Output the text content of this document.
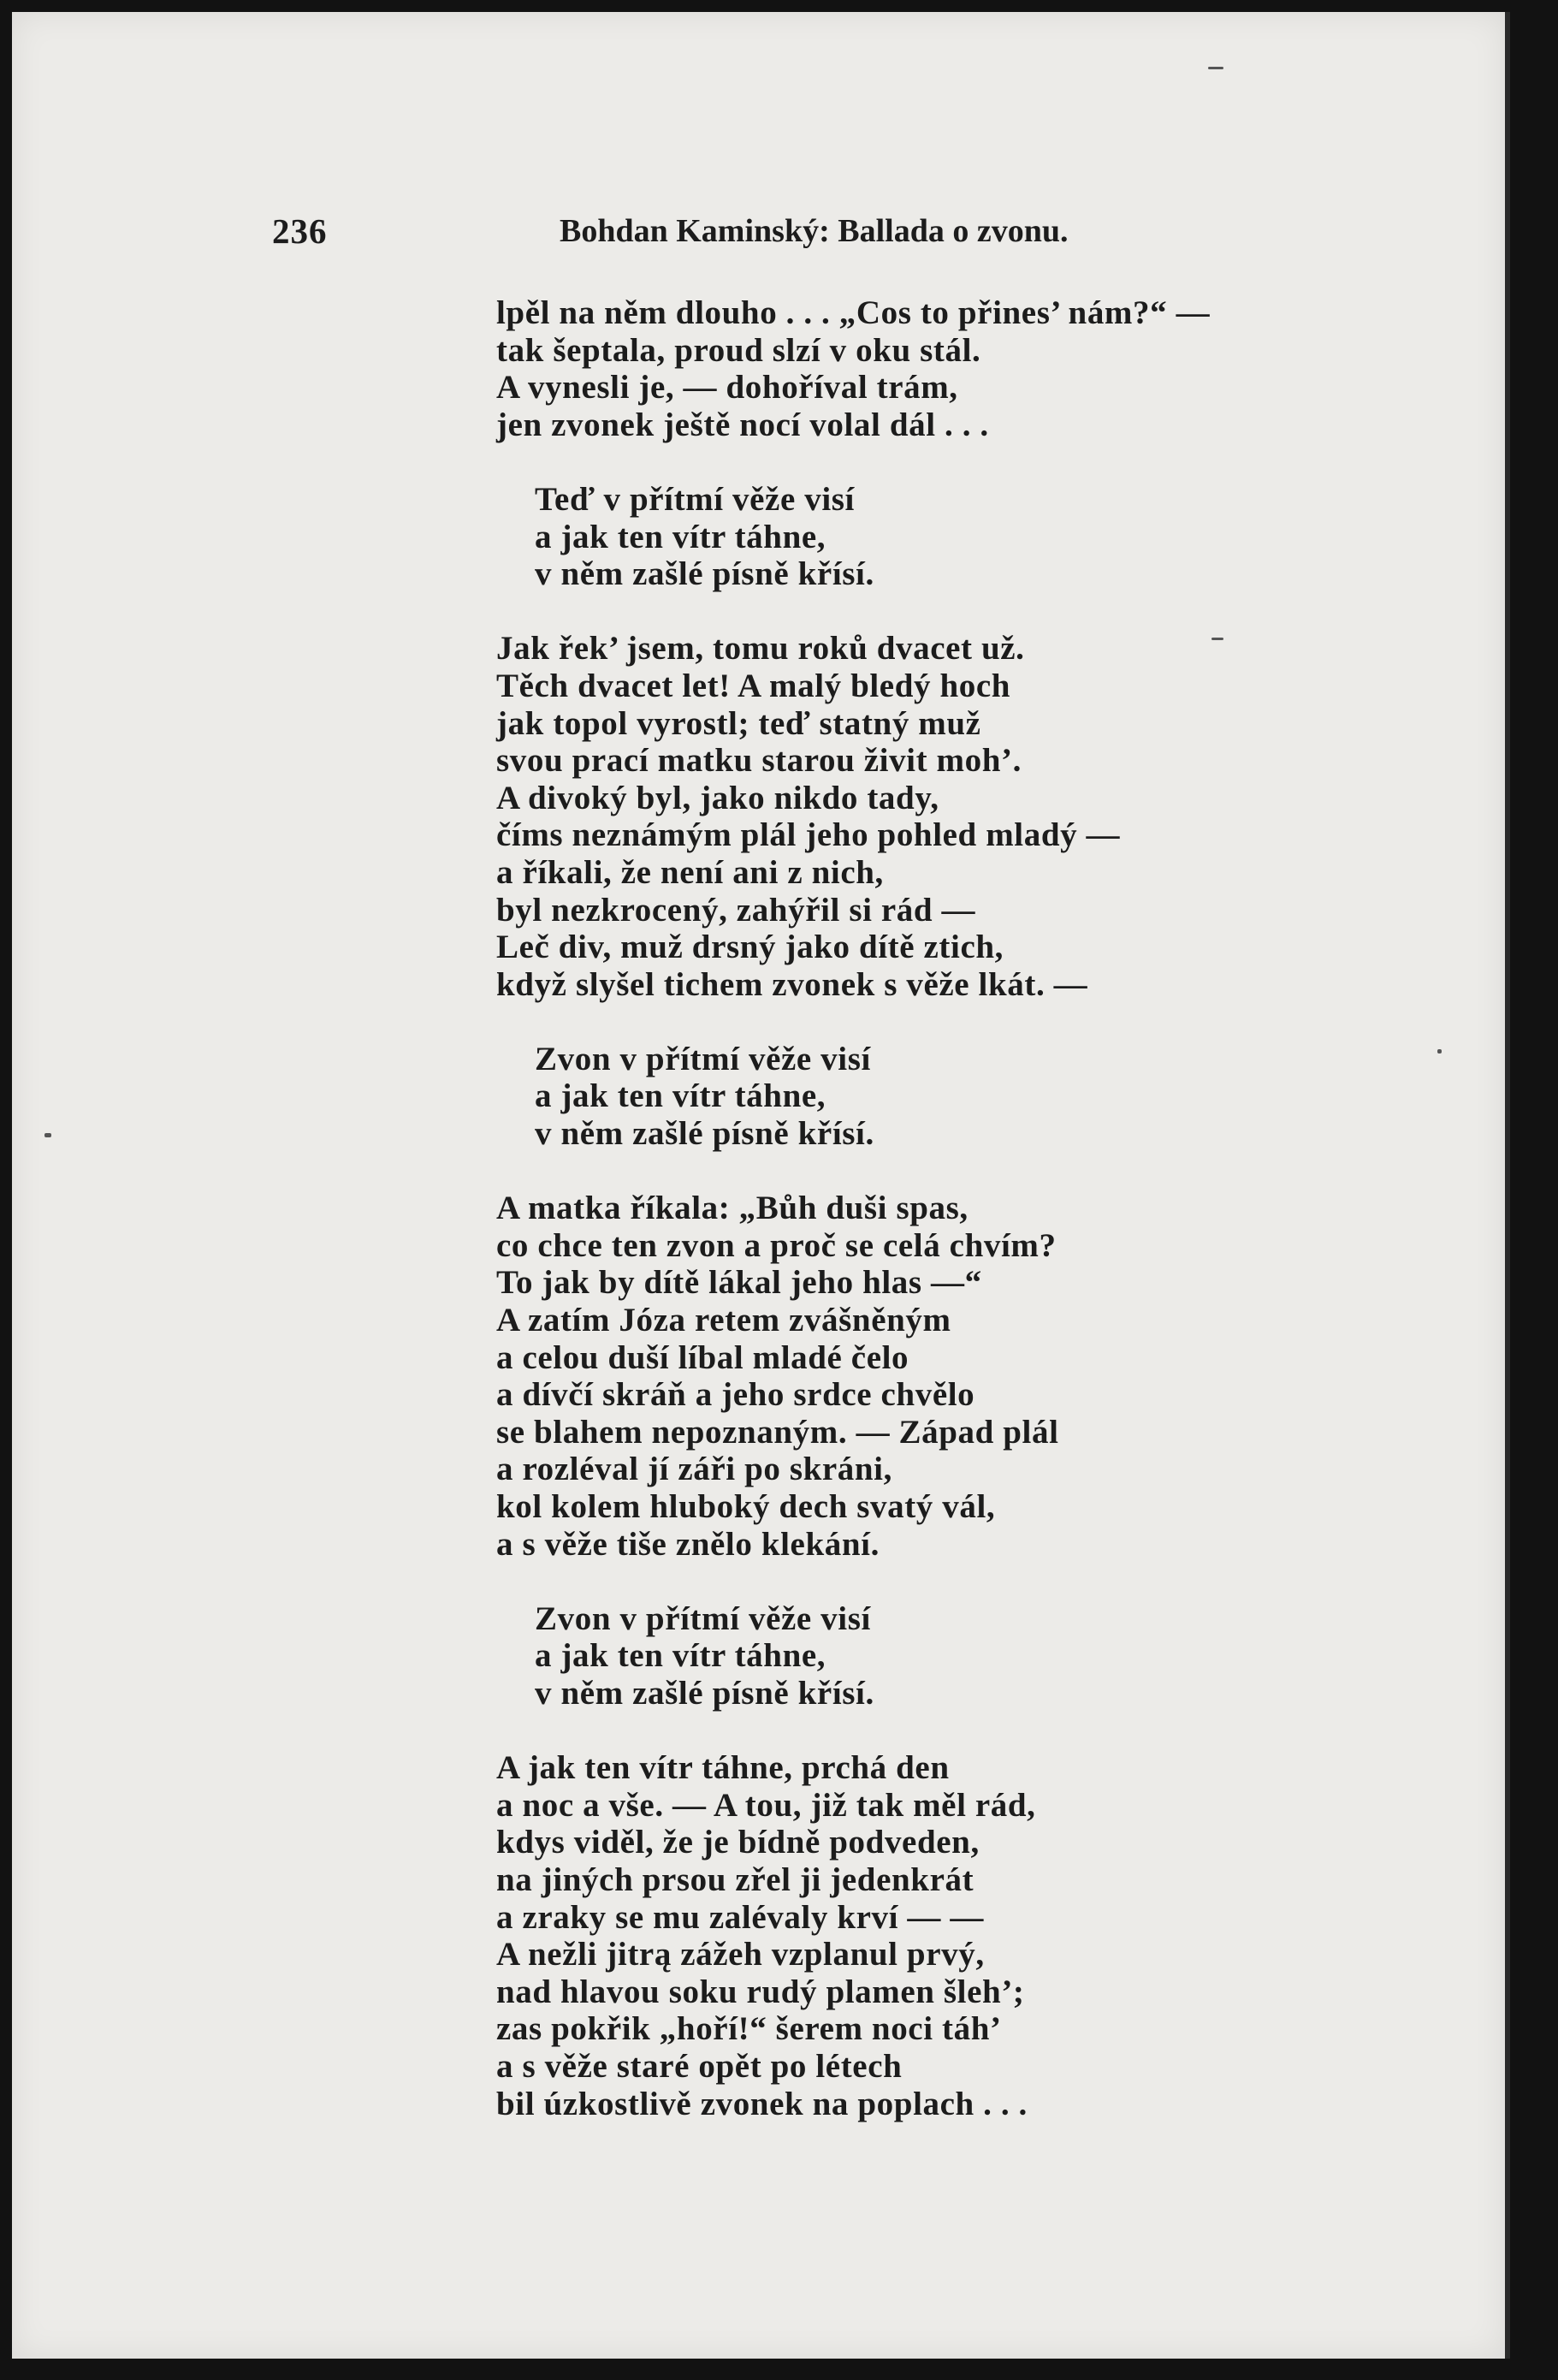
236	Bohdan Kaminský: Ballada o zvonu.
lpěl na něm dlouho . . . „Cos to přines’ nám?“ —
tak šeptala, proud slzí v oku stál.
A vynesli je, — dohoříval trám,
jen zvonek ještě nocí volal dál . . .
Teď v přítmí věže visí
a jak ten vítr táhne,
v něm zašlé písně křísí.
Jak řek’ jsem, tomu roků dvacet už.
Těch dvacet let! A malý bledý hoch
jak topol vyrostl; teď statný muž
svou prací matku starou živit moh’.
A divoký byl, jako nikdo tady,
číms neznámým plál jeho pohled mladý —
a říkali, že není ani z nich,
byl nezkrocený, zahýřil si rád —
Leč div, muž drsný jako dítě ztich,
když slyšel tichem zvonek s věže lkát. —
Zvon v přítmí věže visí
a jak ten vítr táhne,
v něm zašlé písně křísí.
A matka říkala: „Bůh duši spas,
co chce ten zvon a proč se celá chvím?
To jak by dítě lákal jeho hlas —“
A zatím Józa retem zvášněným
a celou duší líbal mladé čelo
a dívčí skráň a jeho srdce chvělo
se blahem nepoznaným. — Západ plál
a rozléval jí záři po skráni,
kol kolem hluboký dech svatý vál,
a s věže tiše znělo klekání.
Zvon v přítmí věže visí
a jak ten vítr táhne,
v něm zašlé písně křísí.
A jak ten vítr táhne, prchá den
a noc a vše. — A tou, již tak měl rád,
kdys viděl, že je bídně podveden,
na jiných prsou zřel ji jedenkrát
a zraky se mu zalévaly krví — —
A nežli jitrą zážeh vzplanul prvý,
nad hlavou soku rudý plamen šleh’;
zas pokřik „hoří!“ šerem noci táh’
a s věže staré opět po létech
bil úzkostlivě zvonek na poplach . . .
